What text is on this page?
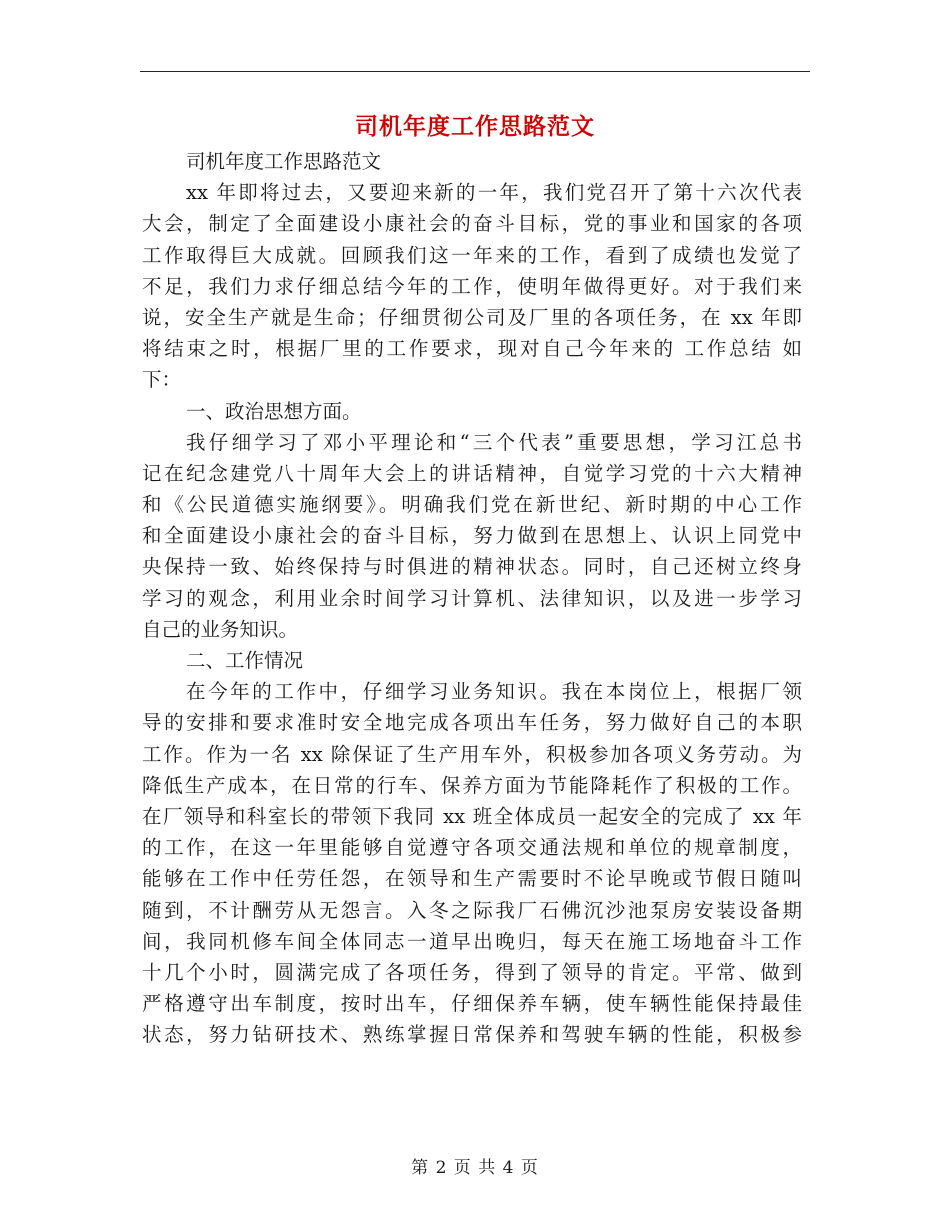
司机年度工作思路范文
司机年度工作思路范文
xx 年即将过去，又要迎来新的一年，我们党召开了第十六次代表
大会，制定了全面建设小康社会的奋斗目标，党的事业和国家的各项
工作取得巨大成就。回顾我们这一年来的工作，看到了成绩也发觉了
不足，我们力求仔细总结今年的工作，使明年做得更好。对于我们来
说，安全生产就是生命；仔细贯彻公司及厂里的各项任务，在 xx 年即
将结束之时，根据厂里的工作要求，现对自己今年来的 工作总结 如
下：
一、政治思想方面。
我仔细学习了邓小平理论和“三个代表”重要思想，学习江总书
记在纪念建党八十周年大会上的讲话精神，自觉学习党的十六大精神
和《公民道德实施纲要》。明确我们党在新世纪、新时期的中心工作
和全面建设小康社会的奋斗目标，努力做到在思想上、认识上同党中
央保持一致、始终保持与时俱进的精神状态。同时，自己还树立终身
学习的观念，利用业余时间学习计算机、法律知识，以及进一步学习
自己的业务知识。
二、工作情况
在今年的工作中，仔细学习业务知识。我在本岗位上，根据厂领
导的安排和要求准时安全地完成各项出车任务，努力做好自己的本职
工作。作为一名 xx 除保证了生产用车外，积极参加各项义务劳动。为
降低生产成本，在日常的行车、保养方面为节能降耗作了积极的工作。
在厂领导和科室长的带领下我同 xx 班全体成员一起安全的完成了 xx 年
的工作，在这一年里能够自觉遵守各项交通法规和单位的规章制度，
能够在工作中任劳任怨，在领导和生产需要时不论早晚或节假日随叫
随到，不计酬劳从无怨言。入冬之际我厂石佛沉沙池泵房安装设备期
间，我同机修车间全体同志一道早出晚归，每天在施工场地奋斗工作
十几个小时，圆满完成了各项任务，得到了领导的肯定。平常、做到
严格遵守出车制度，按时出车，仔细保养车辆，使车辆性能保持最佳
状态，努力钻研技术、熟练掌握日常保养和驾驶车辆的性能，积极参
第 2 页 共 4 页
